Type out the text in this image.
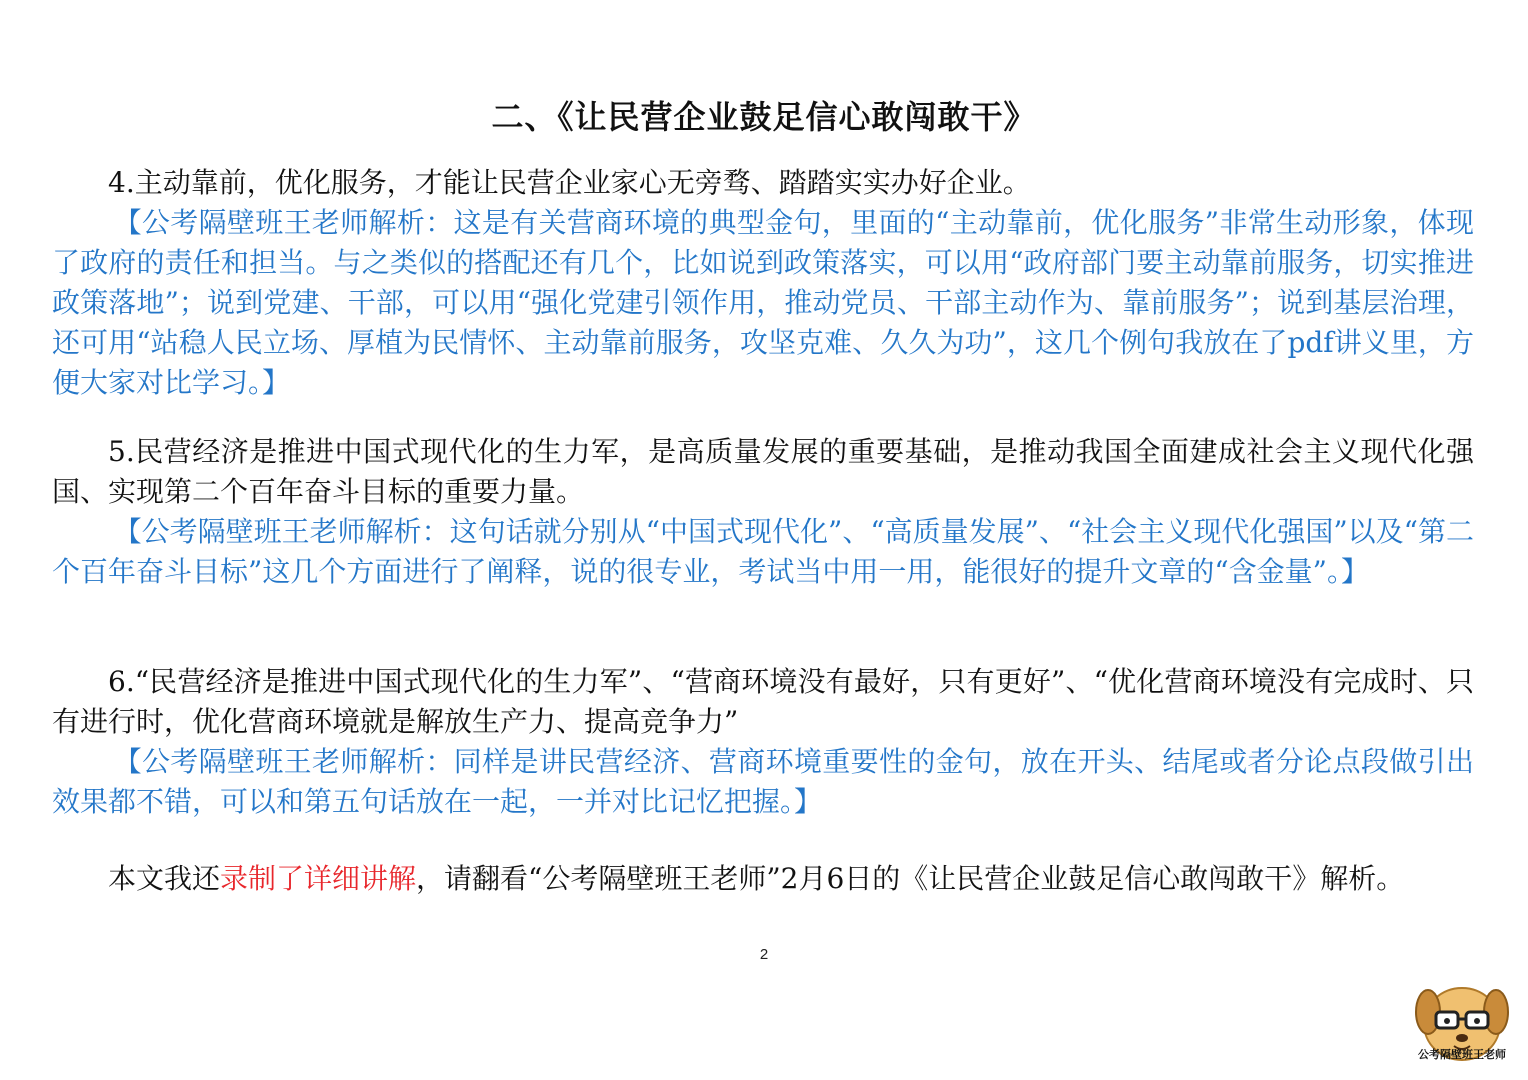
二、《让民营企业鼓足信心敢闯敢干》
4.主动靠前，优化服务，才能让民营企业家心无旁骛、踏踏实实办好企业。
【公考隔壁班王老师解析：这是有关营商环境的典型金句，里面的“主动靠前，优化服务”非常生动形象，体现了政府的责任和担当。与之类似的搭配还有几个，比如说到政策落实，可以用“政府部门要主动靠前服务，切实推进政策落地”；说到党建、干部，可以用“强化党建引领作用，推动党员、干部主动作为、靠前服务”；说到基层治理，还可用“站稳人民立场、厚植为民情怀、主动靠前服务，攻坚克难、久久为功”，这几个例句我放在了pdf讲义里，方便大家对比学习。】
5.民营经济是推进中国式现代化的生力军，是高质量发展的重要基础，是推动我国全面建成社会主义现代化强国、实现第二个百年奋斗目标的重要力量。
【公考隔壁班王老师解析：这句话就分别从“中国式现代化”、“高质量发展”、“社会主义现代化强国”以及“第二个百年奋斗目标”这几个方面进行了阐释，说的很专业，考试当中用一用，能很好的提升文章的“含金量”。】
6.“民营经济是推进中国式现代化的生力军”、“营商环境没有最好，只有更好”、“优化营商环境没有完成时、只有进行时，优化营商环境就是解放生产力、提高竞争力”
【公考隔壁班王老师解析：同样是讲民营经济、营商环境重要性的金句，放在开头、结尾或者分论点段做引出效果都不错，可以和第五句话放在一起，一并对比记忆把握。】
本文我还录制了详细讲解，请翻看“公考隔壁班王老师”2月6日的《让民营企业鼓足信心敢闯敢干》解析。
2
公考隔壁班王老师
